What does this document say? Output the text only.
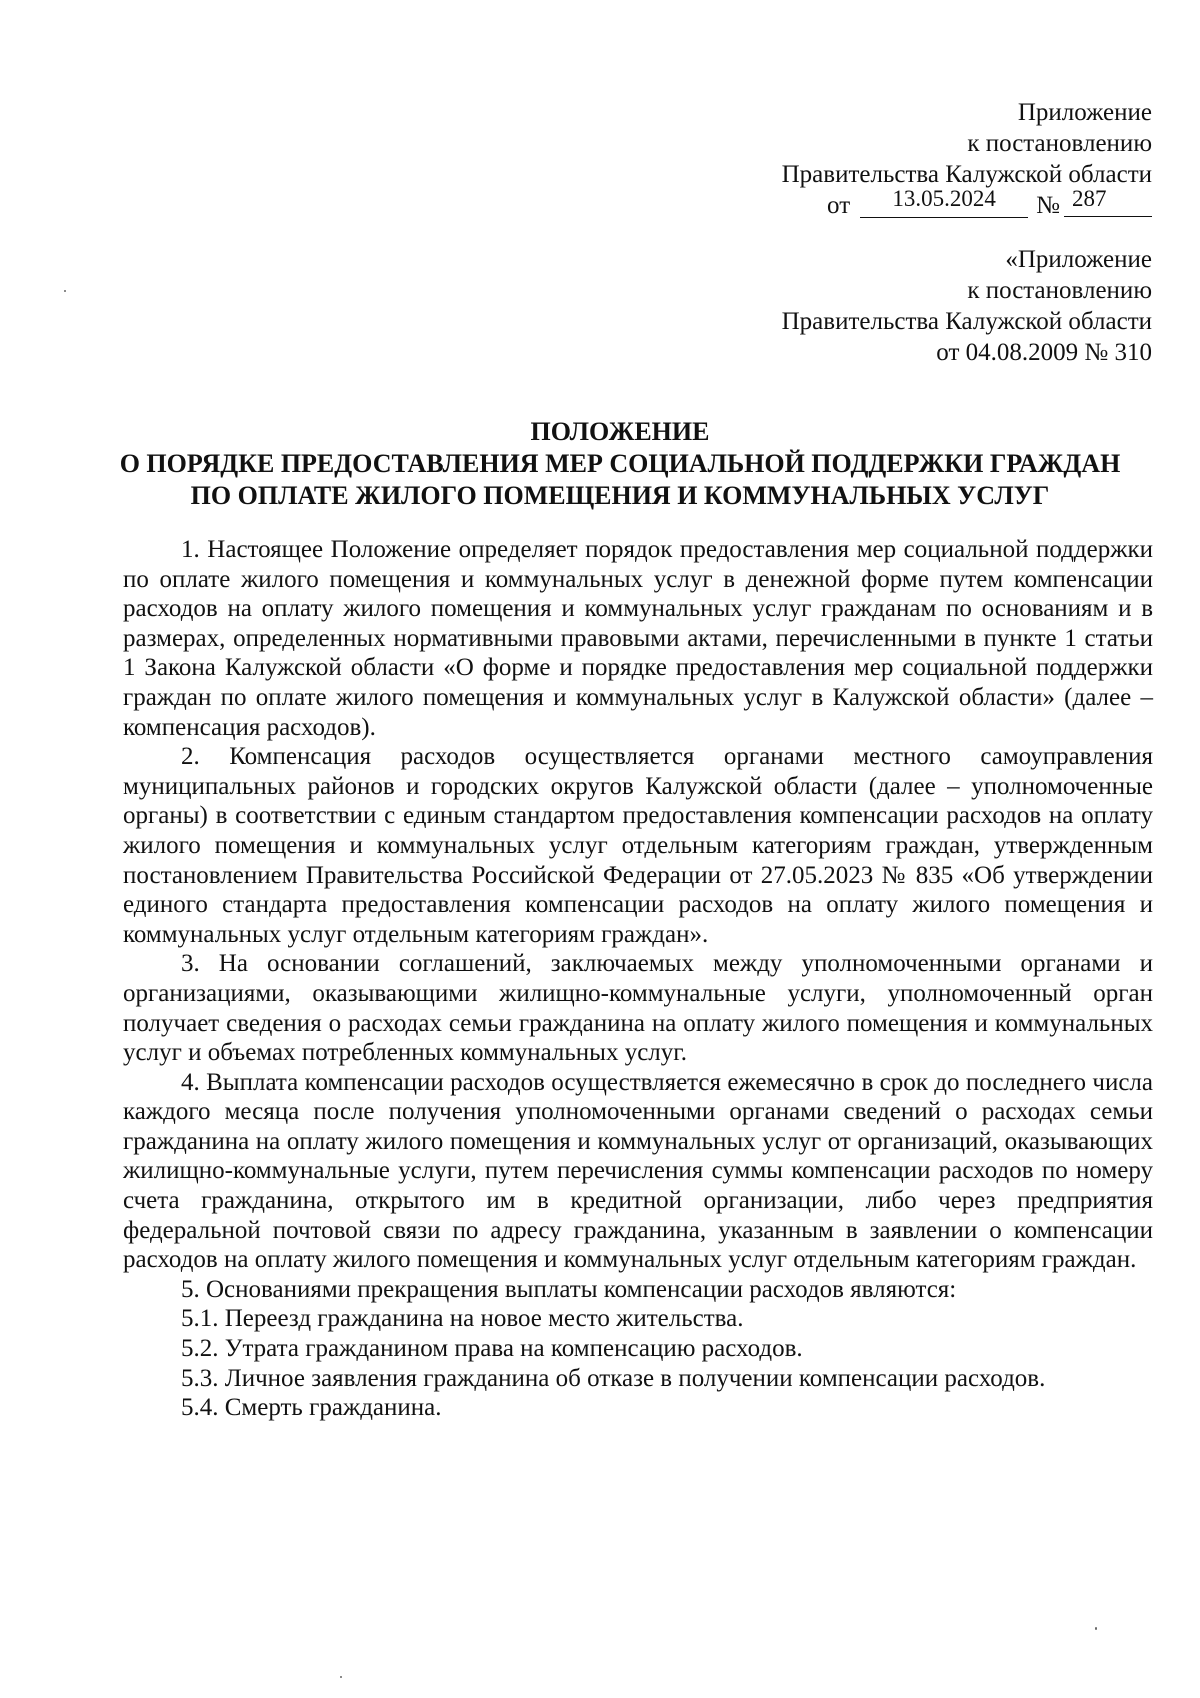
Приложение
к постановлению
Правительства Калужской области
от 13.05.2024 № 287
«Приложение
к постановлению
Правительства Калужской области
от 04.08.2009 № 310
ПОЛОЖЕНИЕ
О ПОРЯДКЕ ПРЕДОСТАВЛЕНИЯ МЕР СОЦИАЛЬНОЙ ПОДДЕРЖКИ ГРАЖДАН
ПО ОПЛАТЕ ЖИЛОГО ПОМЕЩЕНИЯ И КОММУНАЛЬНЫХ УСЛУГ

1. Настоящее Положение определяет порядок предоставления мер социальной поддержки по оплате жилого помещения и коммунальных услуг в денежной форме путем компенсации расходов на оплату жилого помещения и коммунальных услуг гражданам по основаниям и в размерах, определенных нормативными правовыми актами, перечисленными в пункте 1 статьи 1 Закона Калужской области «О форме и порядке предоставления мер социальной поддержки граждан по оплате жилого помещения и коммунальных услуг в Калужской области» (далее – компенсация расходов).

2. Компенсация расходов осуществляется органами местного самоуправления муниципальных районов и городских округов Калужской области (далее – уполномоченные органы) в соответствии с единым стандартом предоставления компенсации расходов на оплату жилого помещения и коммунальных услуг отдельным категориям граждан, утвержденным постановлением Правительства Российской Федерации от 27.05.2023 № 835 «Об утверждении единого стандарта предоставления компенсации расходов на оплату жилого помещения и коммунальных услуг отдельным категориям граждан».

3. На основании соглашений, заключаемых между уполномоченными органами и организациями, оказывающими жилищно-коммунальные услуги, уполномоченный орган получает сведения о расходах семьи гражданина на оплату жилого помещения и коммунальных услуг и объемах потребленных коммунальных услуг.

4. Выплата компенсации расходов осуществляется ежемесячно в срок до последнего числа каждого месяца после получения уполномоченными органами сведений о расходах семьи гражданина на оплату жилого помещения и коммунальных услуг от организаций, оказывающих жилищно-коммунальные услуги, путем перечисления суммы компенсации расходов по номеру счета гражданина, открытого им в кредитной организации, либо через предприятия федеральной почтовой связи по адресу гражданина, указанным в заявлении о компенсации расходов на оплату жилого помещения и коммунальных услуг отдельным категориям граждан.

5. Основаниями прекращения выплаты компенсации расходов являются:

5.1. Переезд гражданина на новое место жительства.

5.2. Утрата гражданином права на компенсацию расходов.

5.3. Личное заявления гражданина об отказе в получении компенсации расходов.

5.4. Смерть гражданина.
